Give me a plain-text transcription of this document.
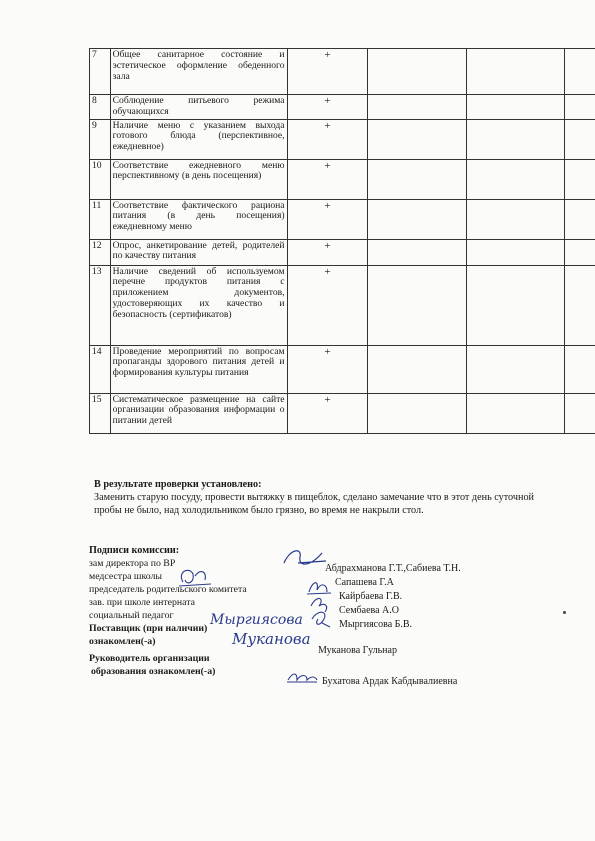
7	Общее санитарное состояние и эстетическое оформление обеденного зала	+			
8	Соблюдение питьевого режима обучающихся	+			
9	Наличие меню с указанием выхода готового блюда (перспективное, ежедневное)	+			
10	Соответствие ежедневного меню перспективному (в день посещения)	+			
11	Соответствие фактического рациона питания (в день посещения) ежедневному меню	+			
12	Опрос, анкетирование детей, родителей по качеству питания	+			
13	Наличие сведений об используемом перечне продуктов питания с приложением документов, удостоверяющих их качество и безопасность (сертификатов)	+			
14	Проведение мероприятий по вопросам пропаганды здорового питания детей и формирования культуры питания	+			
15	Систематическое размещение на сайте организации образования информации о питании детей	+			
В результате проверки установлено:
Заменить старую посуду, провести вытяжку в пищеблок, сделано замечание что в этот день суточной пробы не было, над холодильником было грязно, во время не накрыли стол.
Подписи комиссии:
зам директора по ВР
медсестра школы
председатель родительского комитета
зав. при школе интерната
социальный педагог
Поставщик (при наличии)
ознакомлен(-а)
Руководитель организации
образования ознакомлен(-а)
Абдрахманова Г.Т.,Сабиева Т.Н.
Сапашева Г.А
Кайрбаева Г.В.
Сембаева А.О
Мыргиясова Б.В.
Муканова Гульнар
Бухатова Ардак Кабдывалиевна
Мыргиясова
Муканова
